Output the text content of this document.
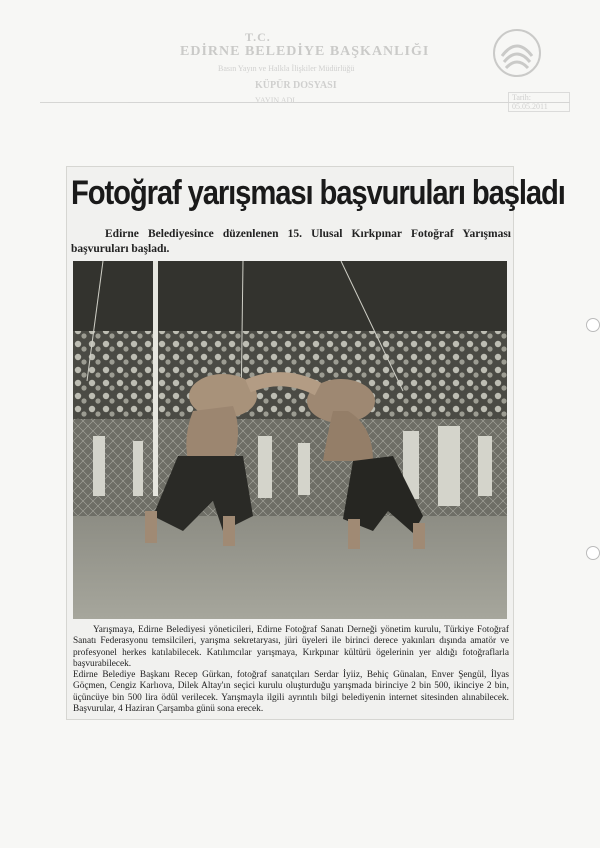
T.C.
EDİRNE BELEDİYE BAŞKANLIĞI
Basın Yayın ve Halkla İlişkiler Müdürlüğü
KÜPÜR DOSYASI
YAYIN ADI	Tarih: 05.05.2011
Fotoğraf yarışması başvuruları başladı
Edirne Belediyesince düzenlenen 15. Ulusal Kırkpınar Fotoğraf Yarışması başvuruları başladı.

Yarışmaya, Edirne Belediyesi yöneticileri, Edirne Fotoğraf Sanatı Derneği yönetim kurulu, Türkiye Fotoğraf Sanatı Federasyonu temsilcileri, yarışma sekretaryası, jüri üyeleri ile birinci derece yakınları dışında amatör ve profesyonel herkes katılabilecek. Katılımcılar yarışmaya, Kırkpınar kültürü ögelerinin yer aldığı fotoğraflarla başvurabilecek.

Edirne Belediye Başkanı Recep Gürkan, fotoğraf sanatçıları Serdar İyiiz, Behiç Günalan, Enver Şengül, İlyas Göçmen, Cengiz Karlıova, Dilek Altay'ın seçici kurulu oluşturduğu yarışmada birinciye 2 bin 500, ikinciye 2 bin, üçüncüye bin 500 lira ödül verilecek. Yarışmayla ilgili ayrıntılı bilgi belediyenin internet sitesinden alınabilecek. Başvurular, 4 Haziran Çarşamba günü sona erecek.
